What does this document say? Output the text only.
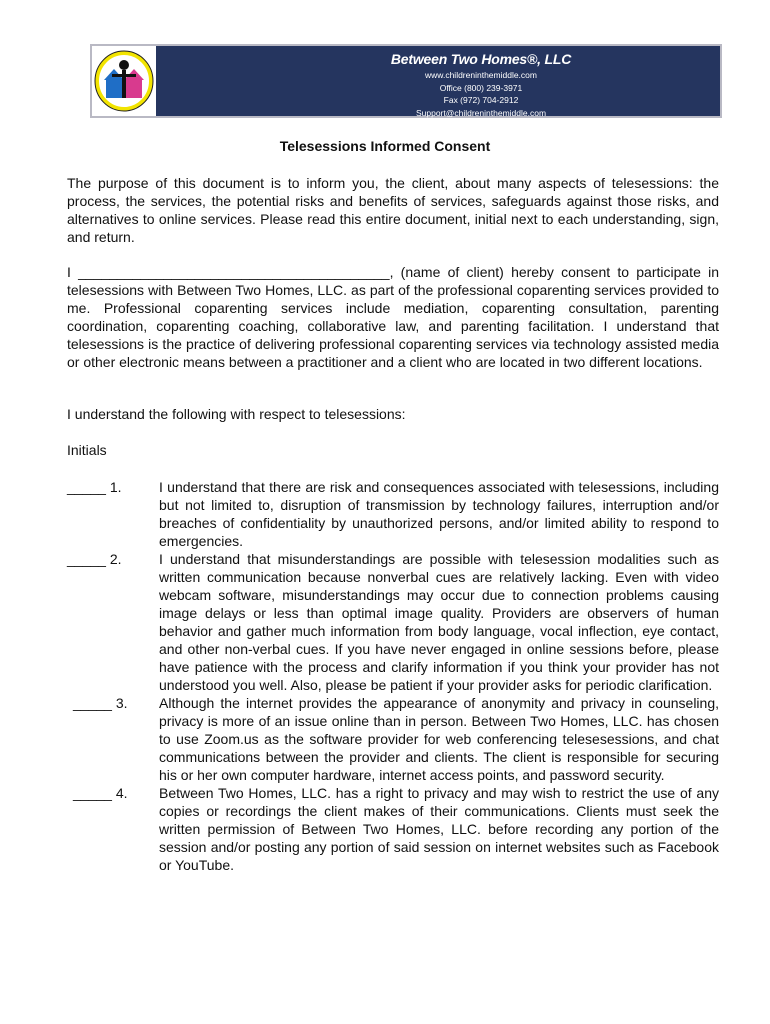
Between Two Homes®, LLC
www.childreninthemiddle.com
Office (800) 239-3971
Fax (972) 704-2912
Support@childreninthemiddle.com
Telesessions Informed Consent
The purpose of this document is to inform you, the client, about many aspects of telesessions: the process, the services, the potential risks and benefits of services, safeguards against those risks, and alternatives to online services. Please read this entire document, initial next to each understanding, sign, and return.
I ________________________________________, (name of client) hereby consent to participate in telesessions with Between Two Homes, LLC. as part of the professional coparenting services provided to me. Professional coparenting services include mediation, coparenting consultation, parenting coordination, coparenting coaching, collaborative law, and parenting facilitation. I understand that telesessions is the practice of delivering professional coparenting services via technology assisted media or other electronic means between a practitioner and a client who are located in two different locations.
I understand the following with respect to telesessions:
Initials
_____ 1.	I understand that there are risk and consequences associated with telesessions, including but not limited to, disruption of transmission by technology failures, interruption and/or breaches of confidentiality by unauthorized persons, and/or limited ability to respond to emergencies.
_____ 2.	I understand that misunderstandings are possible with telesession modalities such as written communication because nonverbal cues are relatively lacking. Even with video webcam software, misunderstandings may occur due to connection problems causing image delays or less than optimal image quality. Providers are observers of human behavior and gather much information from body language, vocal inflection, eye contact, and other non-verbal cues. If you have never engaged in online sessions before, please have patience with the process and clarify information if you think your provider has not understood you well. Also, please be patient if your provider asks for periodic clarification.
_____ 3. Although the internet provides the appearance of anonymity and privacy in counseling, privacy is more of an issue online than in person. Between Two Homes, LLC. has chosen to use Zoom.us as the software provider for web conferencing telesesessions, and chat communications between the provider and clients. The client is responsible for securing his or her own computer hardware, internet access points, and password security.
_____ 4. Between Two Homes, LLC. has a right to privacy and may wish to restrict the use of any copies or recordings the client makes of their communications. Clients must seek the written permission of Between Two Homes, LLC. before recording any portion of the session and/or posting any portion of said session on internet websites such as Facebook or YouTube.
